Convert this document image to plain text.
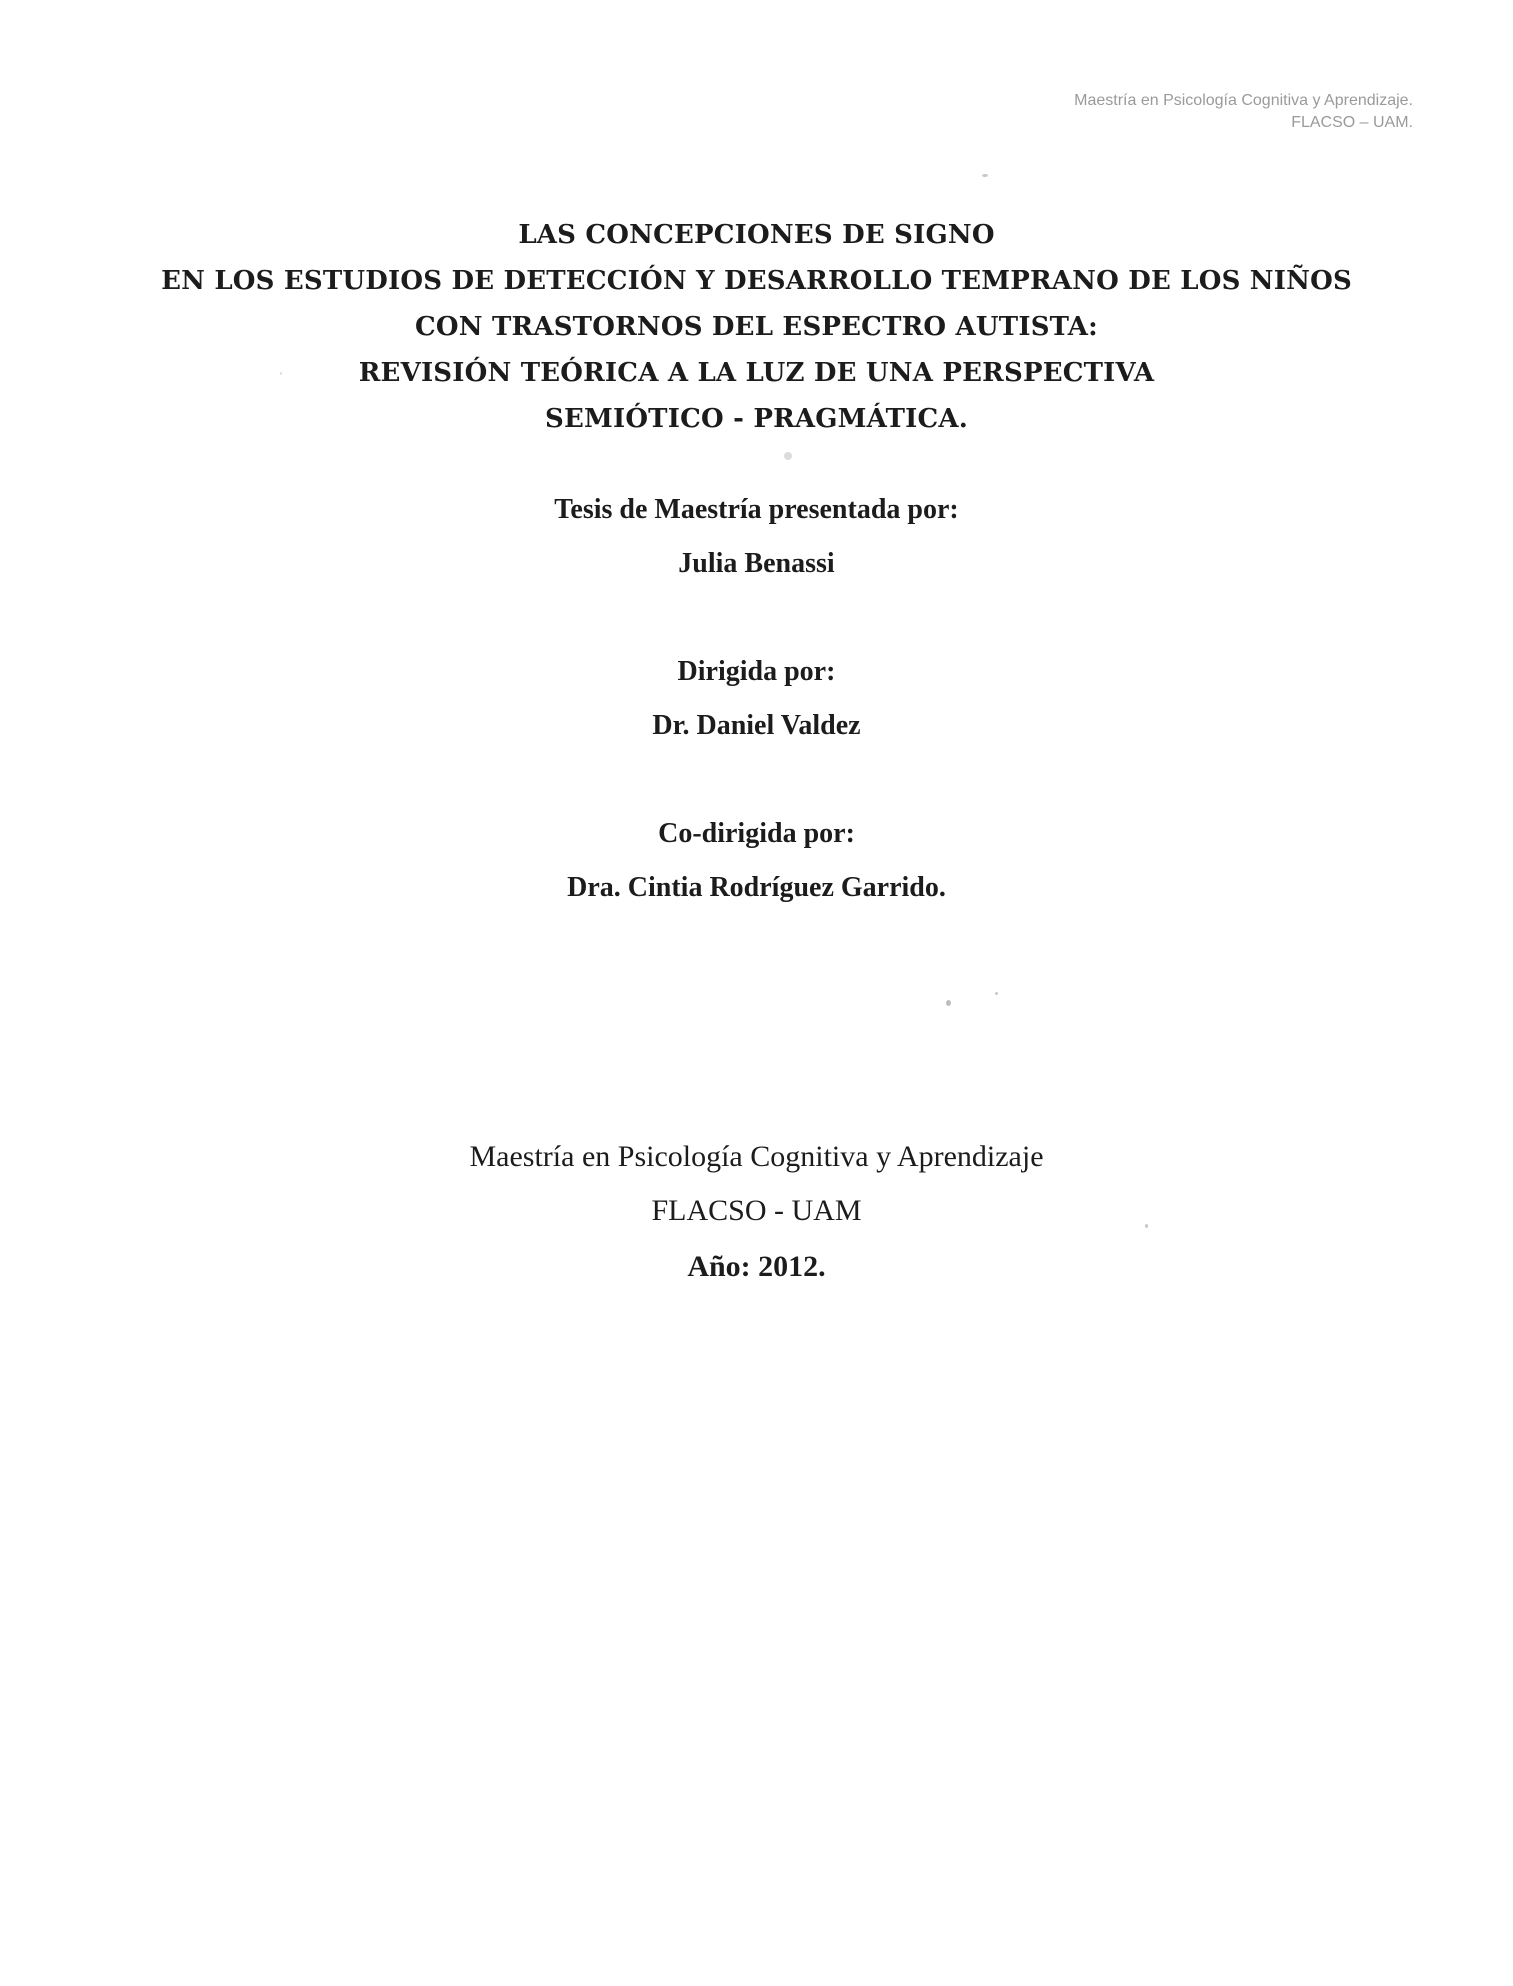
Maestría en Psicología Cognitiva y Aprendizaje.
FLACSO – UAM.
LAS CONCEPCIONES DE SIGNO
EN LOS ESTUDIOS DE DETECCIÓN Y DESARROLLO TEMPRANO DE LOS NIÑOS
CON TRASTORNOS DEL ESPECTRO AUTISTA:
REVISIÓN TEÓRICA A LA LUZ DE UNA PERSPECTIVA
SEMIÓTICO - PRAGMÁTICA.
Tesis de Maestría presentada por:
Julia Benassi
Dirigida por:
Dr. Daniel Valdez
Co-dirigida por:
Dra. Cintia Rodríguez Garrido.
Maestría en Psicología Cognitiva y Aprendizaje
FLACSO - UAM
Año: 2012.
